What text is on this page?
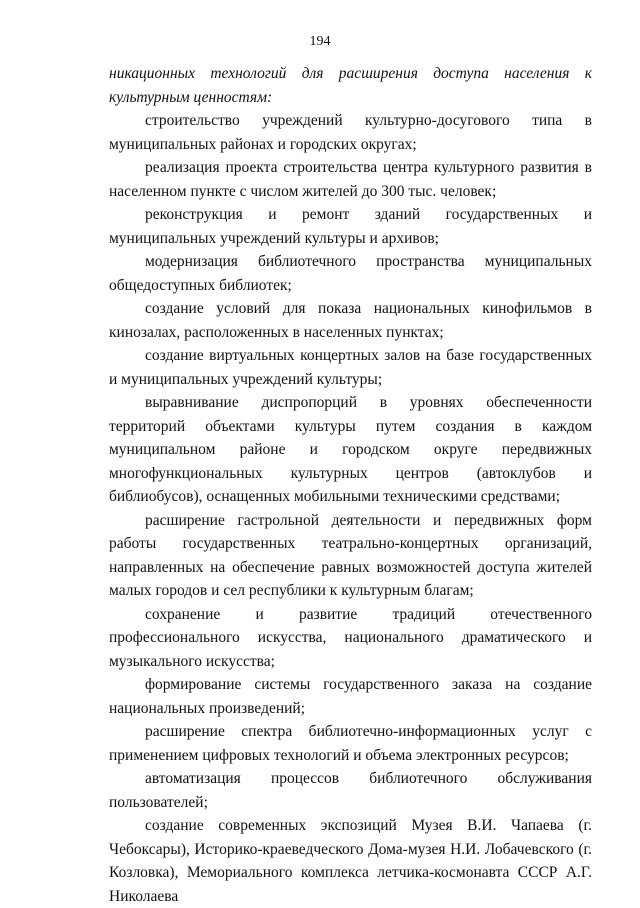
194

никационных технологий для расширения доступа населения к культурным ценностям:

строительство учреждений культурно-досугового типа в муниципальных районах и городских округах;

реализация проекта строительства центра культурного развития в населенном пункте с числом жителей до 300 тыс. человек;

реконструкция и ремонт зданий государственных и муниципальных учреждений культуры и архивов;

модернизация библиотечного пространства муниципальных общедоступных библиотек;

создание условий для показа национальных кинофильмов в кинозалах, расположенных в населенных пунктах;

создание виртуальных концертных залов на базе государственных и муниципальных учреждений культуры;

выравнивание диспропорций в уровнях обеспеченности территорий объектами культуры путем создания в каждом муниципальном районе и городском округе передвижных многофункциональных культурных центров (автоклубов и библиобусов), оснащенных мобильными техническими средствами;

расширение гастрольной деятельности и передвижных форм работы государственных театрально-концертных организаций, направленных на обеспечение равных возможностей доступа жителей малых городов и сел республики к культурным благам;

сохранение и развитие традиций отечественного профессионального искусства, национального драматического и музыкального искусства;

формирование системы государственного заказа на создание национальных произведений;

расширение спектра библиотечно-информационных услуг с применением цифровых технологий и объема электронных ресурсов;

автоматизация процессов библиотечного обслуживания пользователей;

создание современных экспозиций Музея В.И. Чапаева (г. Чебоксары), Историко-краеведческого Дома-музея Н.И. Лобачевского (г. Козловка), Мемориального комплекса летчика-космонавта СССР А.Г. Николаева
